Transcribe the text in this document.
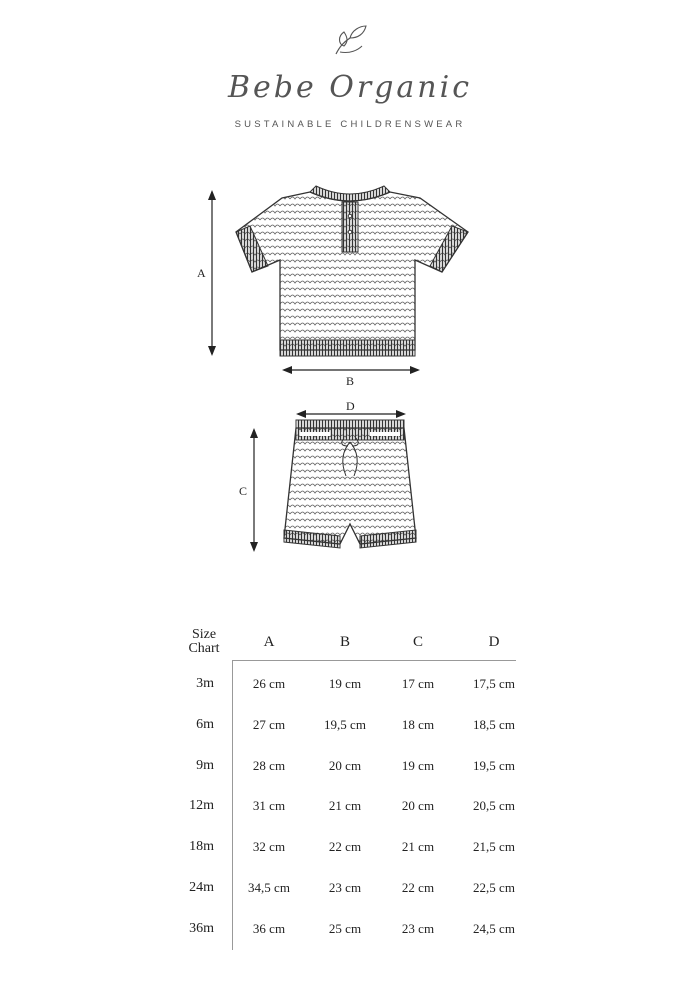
Bebe Organic
SUSTAINABLE CHILDRENSWEAR
A
B
C
D
Size
Chart	A	B	C	D
3m	26 cm	19 cm	17 cm	17,5 cm
6m	27 cm	19,5 cm	18 cm	18,5 cm
9m	28 cm	20 cm	19 cm	19,5 cm
12m	31 cm	21 cm	20 cm	20,5 cm
18m	32 cm	22 cm	21 cm	21,5 cm
24m	34,5 cm	23 cm	22 cm	22,5 cm
36m	36 cm	25 cm	23 cm	24,5 cm
